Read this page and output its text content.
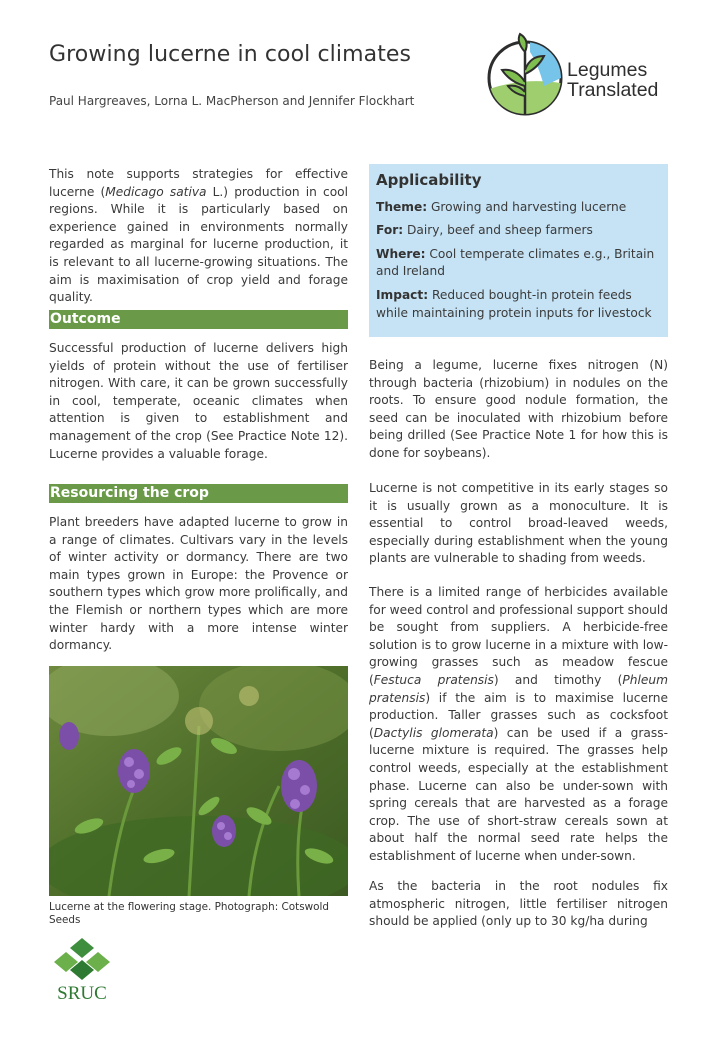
Growing lucerne in cool climates
Paul Hargreaves, Lorna L. MacPherson and Jennifer Flockhart
Legumes
Translated

This note supports strategies for effective lucerne (Medicago sativa L.) production in cool regions. While it is particularly based on experience gained in environments normally regarded as marginal for lucerne production, it is relevant to all lucerne-growing situations. The aim is maximisation of crop yield and forage quality.

Outcome

Successful production of lucerne delivers high yields of protein without the use of fertiliser nitrogen. With care, it can be grown successfully in cool, temperate, oceanic climates when attention is given to establishment and management of the crop (See Practice Note 12). Lucerne provides a valuable forage.

Resourcing the crop

Plant breeders have adapted lucerne to grow in a range of climates. Cultivars vary in the levels of winter activity or dormancy. There are two main types grown in Europe: the Provence or southern types which grow more prolifically, and the Flemish or northern types which are more winter hardy with a more intense winter dormancy.

Lucerne at the flowering stage. Photograph: Cotswold Seeds
SRUC
Applicability
Theme: Growing and harvesting lucerne
For: Dairy, beef and sheep farmers
Where: Cool temperate climates e.g., Britain and Ireland
Impact: Reduced bought-in protein feeds while maintaining protein inputs for livestock

Being a legume, lucerne fixes nitrogen (N) through bacteria (rhizobium) in nodules on the roots. To ensure good nodule formation, the seed can be inoculated with rhizobium before being drilled (See Practice Note 1 for how this is done for soybeans).

Lucerne is not competitive in its early stages so it is usually grown as a monoculture. It is essential to control broad-leaved weeds, especially during establishment when the young plants are vulnerable to shading from weeds.

There is a limited range of herbicides available for weed control and professional support should be sought from suppliers. A herbicide-free solution is to grow lucerne in a mixture with low-growing grasses such as meadow fescue (Festuca pratensis) and timothy (Phleum pratensis) if the aim is to maximise lucerne production. Taller grasses such as cocksfoot (Dactylis glomerata) can be used if a grass-lucerne mixture is required. The grasses help control weeds, especially at the establishment phase. Lucerne can also be under-sown with spring cereals that are harvested as a forage crop. The use of short-straw cereals sown at about half the normal seed rate helps the establishment of lucerne when under-sown.

As the bacteria in the root nodules fix atmospheric nitrogen, little fertiliser nitrogen should be applied (only up to 30 kg/ha during
